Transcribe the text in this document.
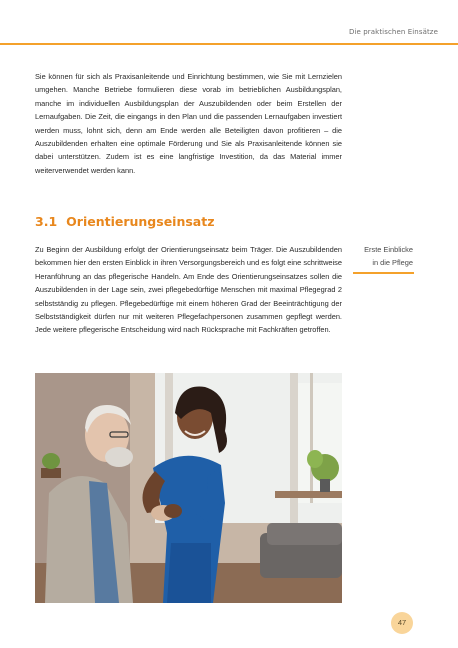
Die praktischen Einsätze

Sie können für sich als Praxisanleitende und Einrichtung bestimmen, wie Sie mit Lernzielen umgehen. Manche Betriebe formulieren diese vorab im betrieblichen Ausbildungsplan, manche im individuellen Ausbildungsplan der Auszubildenden oder beim Erstellen der Lernaufgaben. Die Zeit, die eingangs in den Plan und die passenden Lernaufgaben investiert werden muss, lohnt sich, denn am Ende werden alle Beteiligten davon profitieren – die Auszubildenden erhalten eine optimale Förderung und Sie als Praxisanleitende können sie dabei unterstützen. Zudem ist es eine langfristige Investition, da das Material immer weiterverwendet werden kann.

3.1 Orientierungseinsatz

Zu Beginn der Ausbildung erfolgt der Orientierungseinsatz beim Träger. Die Auszubildenden bekommen hier den ersten Einblick in ihren Versorgungsbereich und es folgt eine schrittweise Heranführung an das pflegerische Handeln. Am Ende des Orientierungseinsatzes sollen die Auszubildenden in der Lage sein, zwei pflegebedürftige Menschen mit maximal Pflegegrad 2 selbstständig zu pflegen. Pflegebedürftige mit einem höheren Grad der Beeinträchtigung der Selbstständigkeit dürfen nur mit weiteren Pflegefachpersonen zusammen gepflegt werden. Jede weitere pflegerische Entscheidung wird nach Rücksprache mit Fachkräften getroffen.

Erste Einblicke
in die Pflege
47
